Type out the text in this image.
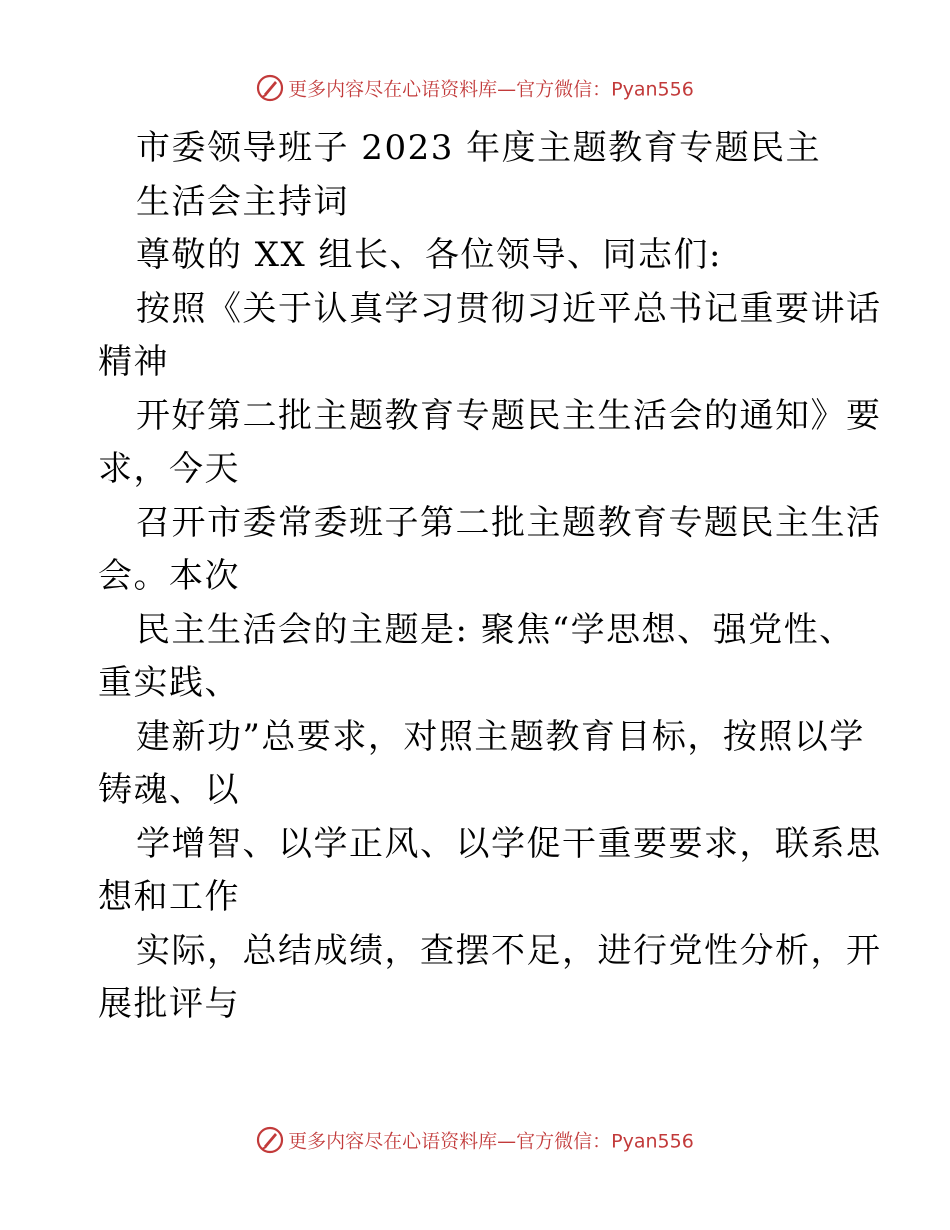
更多内容尽在心语资料库—官方微信：Pyan556
市委领导班子 2023 年度主题教育专题民主
生活会主持词
尊敬的 XX 组长、各位领导、同志们:
按照《关于认真学习贯彻习近平总书记重要讲话
精神
开好第二批主题教育专题民主生活会的通知》要
求，今天
召开市委常委班子第二批主题教育专题民主生活
会。本次
民主生活会的主题是: 聚焦“学思想、强党性、
重实践、
建新功”总要求，对照主题教育目标，按照以学
铸魂、以
学增智、以学正风、以学促干重要要求，联系思
想和工作
实际，总结成绩，查摆不足，进行党性分析，开
展批评与
更多内容尽在心语资料库—官方微信：Pyan556
